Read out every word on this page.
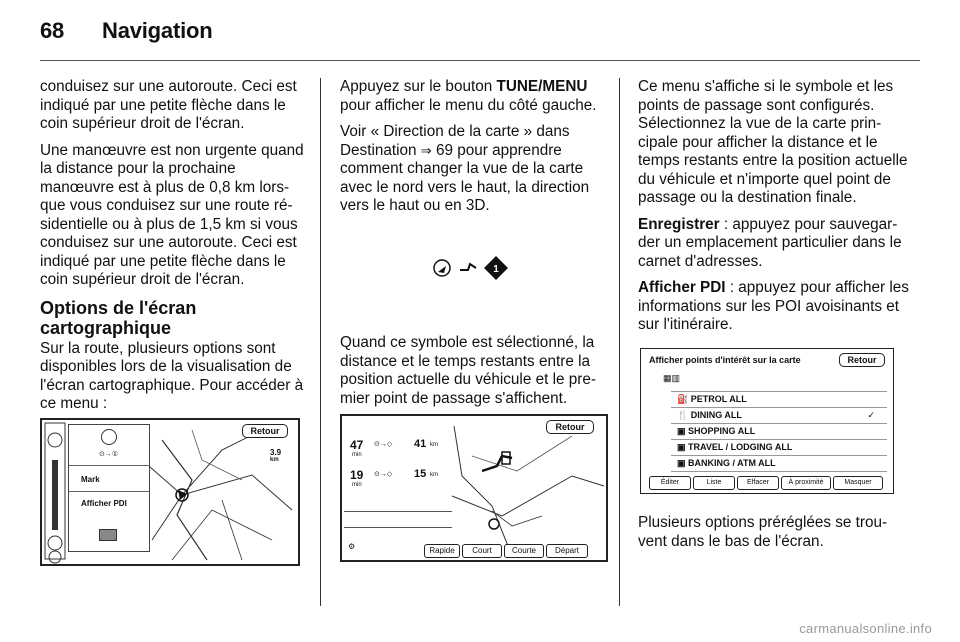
68 Navigation

conduisez sur une autoroute. Ceci est indiqué par une petite flèche dans le coin supérieur droit de l'écran.

Une manœuvre est non urgente quand la distance pour la prochaine manœuvre est à plus de 0,8 km lorsque vous conduisez sur une route résidentielle ou à plus de 1,5 km si vous conduisez sur une autoroute. Ceci est indiqué par une petite flèche dans le coin supérieur droit de l'écran.

Options de l'écran cartographique

Sur la route, plusieurs options sont disponibles lors de la visualisation de l'écran cartographique. Pour accéder à ce menu :

Retour
3.9
km
⊙→①
Mark
Afficher PDI

Appuyez sur le bouton TUNE/MENU pour afficher le menu du côté gauche.

Voir « Direction de la carte » dans Destination ⇒ 69 pour apprendre comment changer la vue de la carte avec le nord vers le haut, la direction vers le haut ou en 3D.

1

Quand ce symbole est sélectionné, la distance et le temps restants entre la position actuelle du véhicule et le premier point de passage s'affichent.

Retour
47
min
⊙→◇ 41 km
19
min
⊙→◇ 15 km
⚙	Rapide	Court	Courte	Départ

Ce menu s'affiche si le symbole et les points de passage sont configurés. Sélectionnez la vue de la carte principale pour afficher la distance et le temps restants entre la position actuelle du véhicule et n'importe quel point de passage ou la destination finale.

Enregistrer : appuyez pour sauvegarder un emplacement particulier dans le carnet d'adresses.

Afficher PDI : appuyez pour afficher les informations sur les POI avoisinants et sur l'itinéraire.

Afficher points d'intérêt sur la carte	Retour
▦▥
⛽ PETROL ALL
🍴 DINING ALL	✓
▣ SHOPPING ALL
▣ TRAVEL / LODGING ALL
▣ BANKING / ATM ALL
Éditer	Liste	Effacer	À proximité	Masquer

Plusieurs options préréglées se trouvent dans le bas de l'écran.

carmanualsonline.info
